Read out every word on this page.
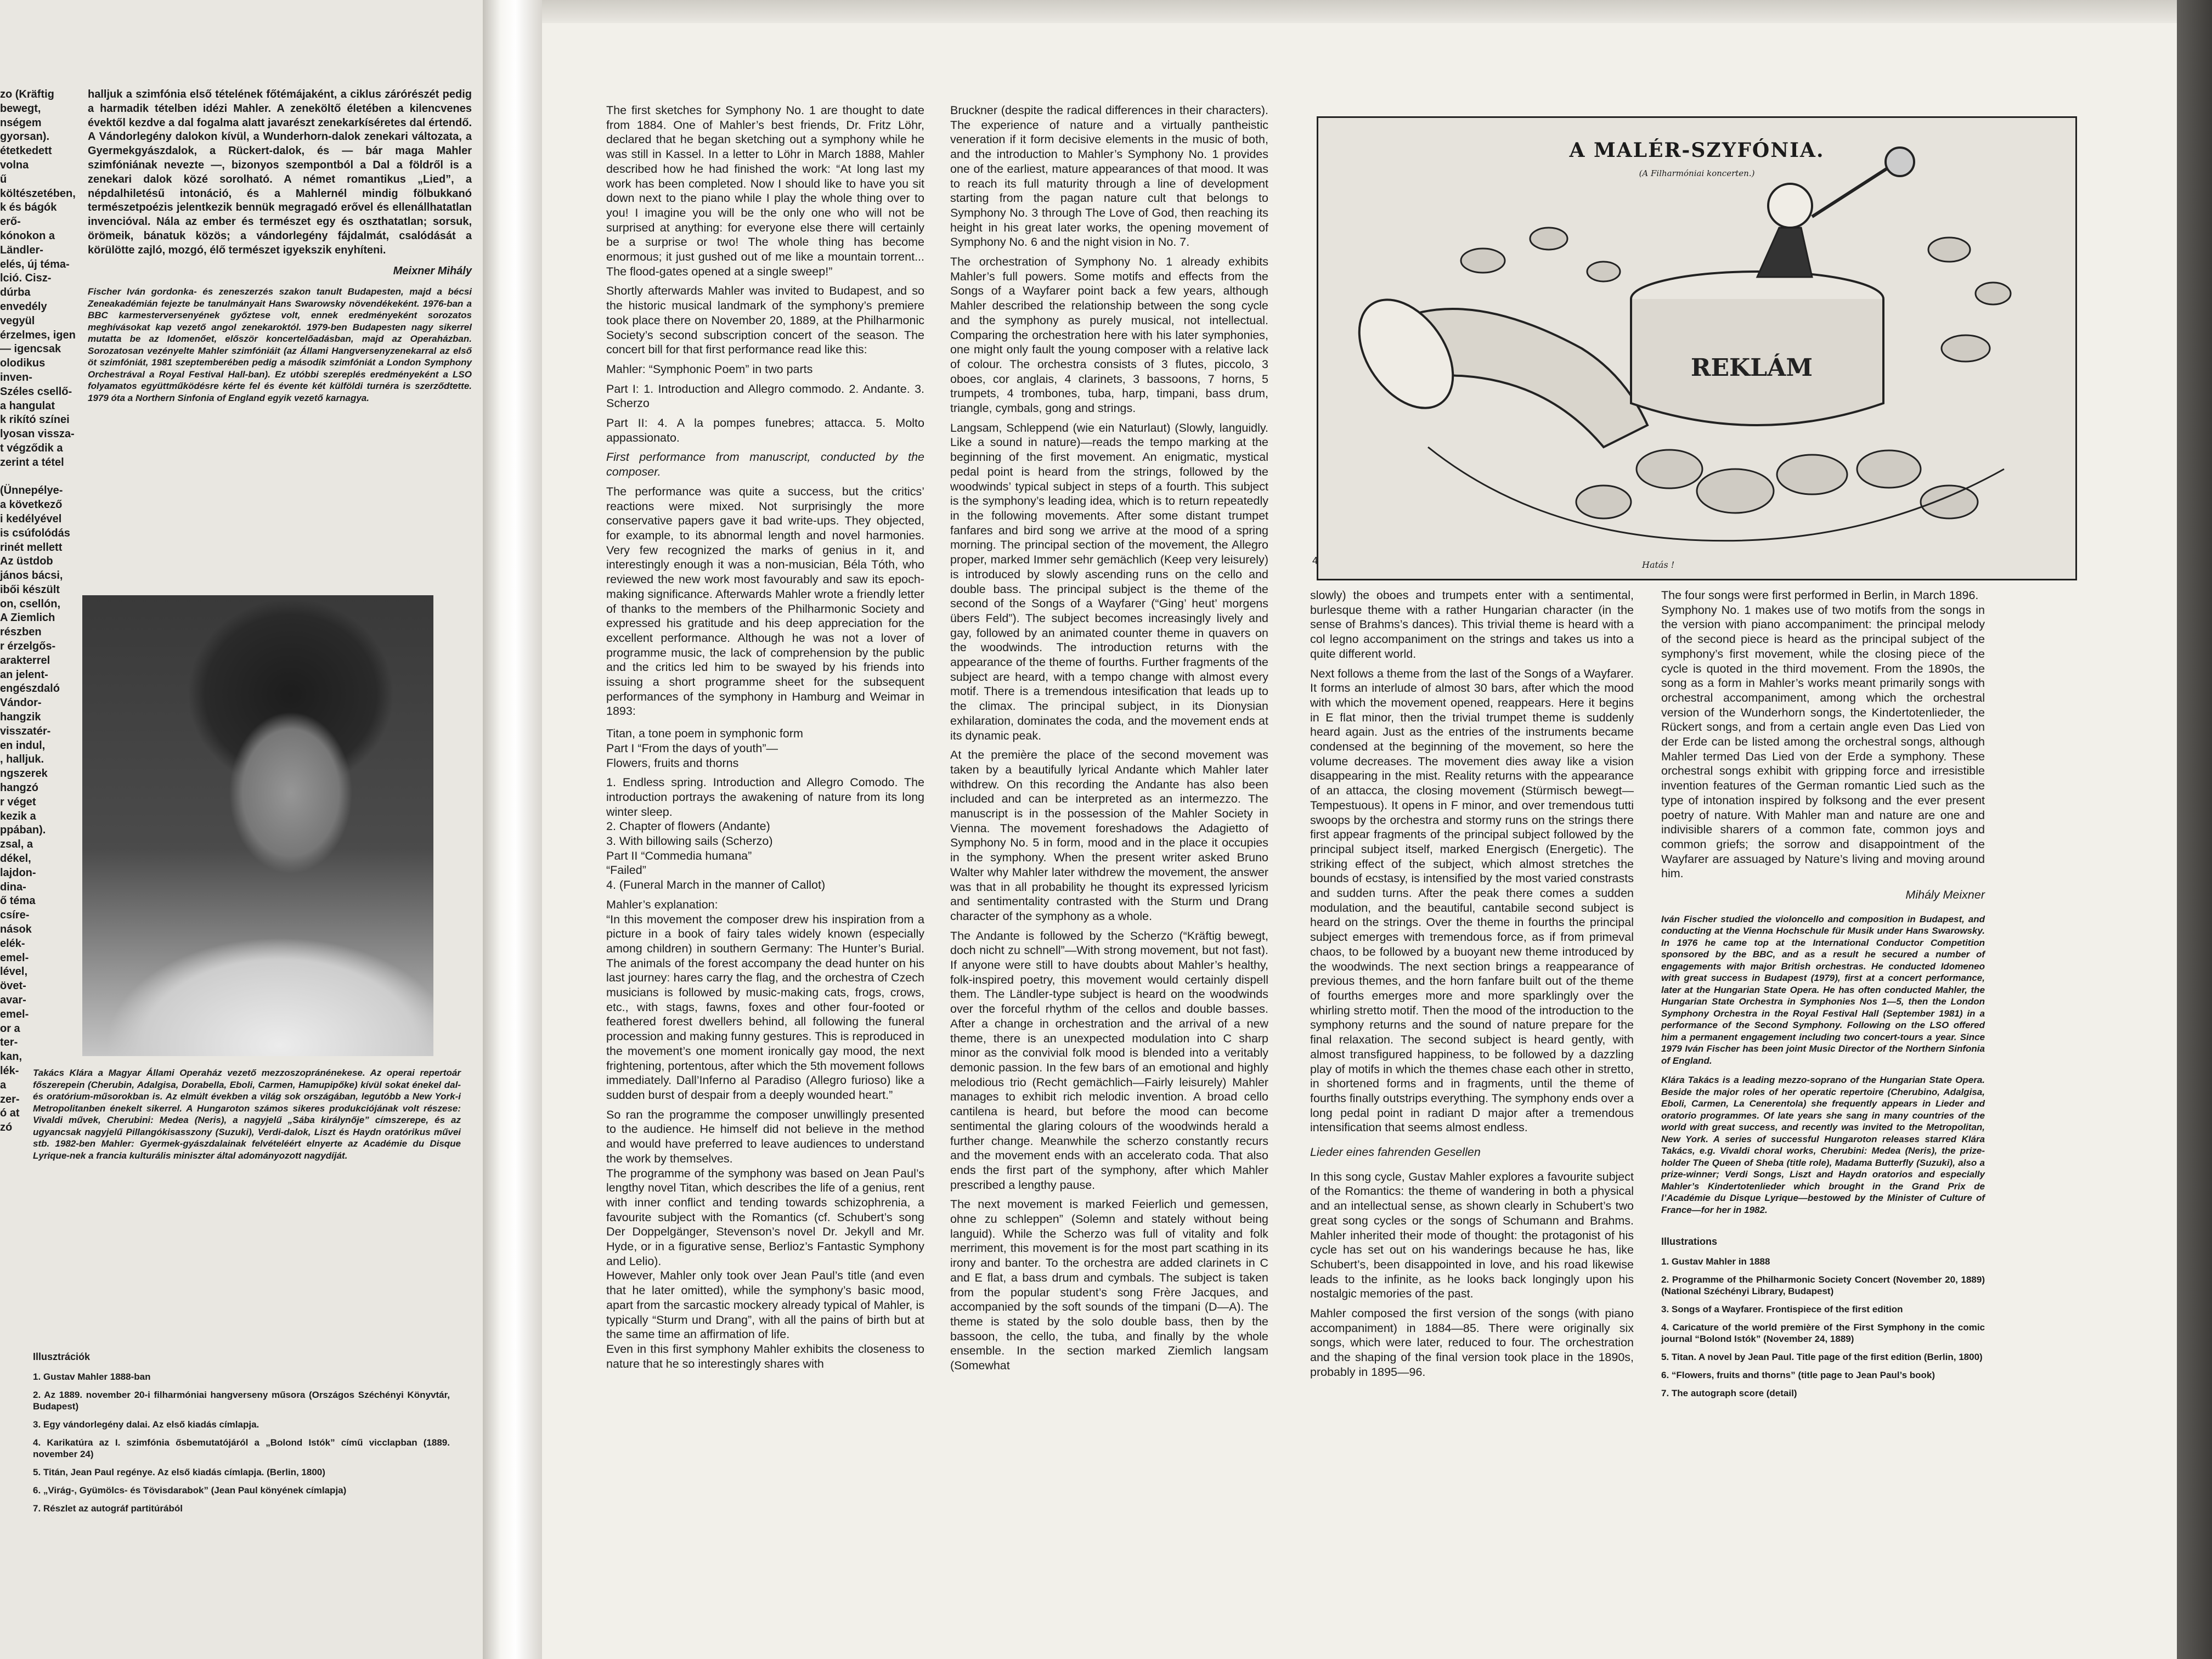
zo (Kräftig bewegt,
nségem gyorsan).
étetkedett volna
ű költészetében,
k és bágók erő-
kónokon a Ländler-
elés, új téma-
lció. Cisz-dúrba
envedély vegyül
érzelmes, igen
— igencsak
olodikus inven-
Széles csellő-
a hangulat
k rikító színei
lyosan vissza-
t végződik a
zerint a tétel

(Ünnepélye-
a következő
i kedélyével
is csúfolódás
rinét mellett
Az üstdob
jános bácsi,
ibői készült
on, csellón,
A Ziemlich
részben
r érzelgős-
arakterrel
an jelent-
engészdaló
Vándor-
hangzik
visszatér-
en indul,
, halljuk.
ngszerek
hangzó
r véget
kezik a
ppában).
zsal, a
dékel,
lajdon-
dina-
ő téma
csíre-
nások
elék-
emel-
lével,
övet-
avar-
emel-
or a
ter-
kan,
lék-
a
zer-
ó at
zó

halljuk a szimfónia első tételének főtémájaként, a ciklus zárórészét pedig a harmadik tételben idézi Mahler. A zeneköltő életében a kilencvenes évektől kezdve a dal fogalma alatt javarészt zenekarkíséretes dal értendő. A Vándorlegény dalokon kívül, a Wunderhorn-dalok zenekari változata, a Gyermekgyászdalok, a Rückert-dalok, és — bár maga Mahler szimfóniának nevezte —, bizonyos szempontból a Dal a földről is a zenekari dalok közé sorolható. A német romantikus „Lied”, a népdalhiletésű intonáció, és a Mahlernél mindig fölbukkanó természetpoézis jelentkezik bennük megragadó erővel és ellenállhatatlan invencióval. Nála az ember és természet egy és oszthatatlan; sorsuk, örömeik, bánatuk közös; a vándorlegény fájdalmát, csalódását a körülötte zajló, mozgó, élő természet igyekszik enyhíteni.

Meixner Mihály

Fischer Iván gordonka- és zeneszerzés szakon tanult Budapesten, majd a bécsi Zeneakadémián fejezte be tanulmányait Hans Swarowsky növendékeként. 1976-ban a BBC karmesterversenyének győztese volt, ennek eredményeként sorozatos meghívásokat kap vezető angol zenekaroktól. 1979-ben Budapesten nagy sikerrel mutatta be az Idomenőet, először koncertelőadásban, majd az Operaházban. Sorozatosan vezényelte Mahler szimfóniáit (az Állami Hangversenyzenekarral az első öt szimfóniát, 1981 szeptemberében pedig a második szimfóniát a London Symphony Orchestrával a Royal Festival Hall-ban). Ez utóbbi szereplés eredményeként a LSO folyamatos együttműködésre kérte fel és évente két külföldi turnéra is szerződtette. 1979 óta a Northern Sinfonia of England egyik vezető karnagya.

Takács Klára a Magyar Állami Operaház vezető mezzoszopránénekese. Az operai repertoár főszerepein (Cherubin, Adalgisa, Dorabella, Eboli, Carmen, Hamupipőke) kívül sokat énekel dal- és oratórium-műsorokban is. Az elmúlt években a világ sok országában, legutóbb a New York-i Metropolitanben énekelt sikerrel. A Hungaroton számos sikeres produkciójának volt részese: Vivaldi művek, Cherubini: Medea (Neris), a nagyjelű „Sába királynője” címszerepe, és az ugyancsak nagyjelű Pillangókisasszony (Suzuki), Verdi-dalok, Liszt és Haydn oratórikus művei stb. 1982-ben Mahler: Gyermek-gyászdalainak felvételéért elnyerte az Académie du Disque Lyrique-nek a francia kulturális miniszter által adományozott nagydíját.

Illusztrációk

1. Gustav Mahler 1888-ban
2. Az 1889. november 20-i filharmóniai hangverseny műsora (Országos Széchényi Könyvtár, Budapest)
3. Egy vándorlegény dalai. Az első kiadás címlapja.
4. Karikatúra az I. szimfónia ősbemutatójáról a „Bolond Istók” című vicclapban (1889. november 24)
5. Titán, Jean Paul regénye. Az első kiadás címlapja. (Berlin, 1800)
6. „Virág-, Gyümölcs- és Tövisdarabok” (Jean Paul könyének címlapja)
7. Részlet az autográf partitúrából

The first sketches for Symphony No. 1 are thought to date from 1884. One of Mahler’s best friends, Dr. Fritz Löhr, declared that he began sketching out a symphony while he was still in Kassel. In a letter to Löhr in March 1888, Mahler described how he had finished the work: “At long last my work has been completed. Now I should like to have you sit down next to the piano while I play the whole thing over to you! I imagine you will be the only one who will not be surprised at anything: for everyone else there will certainly be a surprise or two! The whole thing has become enormous; it just gushed out of me like a mountain torrent... The flood-gates opened at a single sweep!”

Shortly afterwards Mahler was invited to Budapest, and so the historic musical landmark of the symphony’s premiere took place there on November 20, 1889, at the Philharmonic Society’s second subscription concert of the season. The concert bill for that first performance read like this:

Mahler: “Symphonic Poem” in two parts

Part I: 1. Introduction and Allegro commodo. 2. Andante. 3. Scherzo

Part II: 4. A la pompes funebres; attacca. 5. Molto appassionato.

First performance from manuscript, conducted by the composer.

The performance was quite a success, but the critics’ reactions were mixed. Not surprisingly the more conservative papers gave it bad write-ups. They objected, for example, to its abnormal length and novel harmonies. Very few recognized the marks of genius in it, and interestingly enough it was a non-musician, Béla Tóth, who reviewed the new work most favourably and saw its epoch-making significance. Afterwards Mahler wrote a friendly letter of thanks to the members of the Philharmonic Society and expressed his gratitude and his deep appreciation for the excellent performance. Although he was not a lover of programme music, the lack of comprehension by the public and the critics led him to be swayed by his friends into issuing a short programme sheet for the subsequent performances of the symphony in Hamburg and Weimar in 1893:

Titan, a tone poem in symphonic form

Part I “From the days of youth”—

Flowers, fruits and thorns

1. Endless spring. Introduction and Allegro Comodo. The introduction portrays the awakening of nature from its long winter sleep.

2. Chapter of flowers (Andante)

3. With billowing sails (Scherzo)

Part II “Commedia humana”

“Failed”

4. (Funeral March in the manner of Callot)

Mahler’s explanation:

“In this movement the composer drew his inspiration from a picture in a book of fairy tales widely known (especially among children) in southern Germany: The Hunter’s Burial. The animals of the forest accompany the dead hunter on his last journey: hares carry the flag, and the orchestra of Czech musicians is followed by music-making cats, frogs, crows, etc., with stags, fawns, foxes and other four-footed or feathered forest dwellers behind, all following the funeral procession and making funny gestures. This is reproduced in the movement’s one moment ironically gay mood, the next frightening, portentous, after which the 5th movement follows immediately. Dall’Inferno al Paradiso (Allegro furioso) like a sudden burst of despair from a deeply wounded heart.”

So ran the programme the composer unwillingly presented to the audience. He himself did not believe in the method and would have preferred to leave audiences to understand the work by themselves.

The programme of the symphony was based on Jean Paul’s lengthy novel Titan, which describes the life of a genius, rent with inner conflict and tending towards schizophrenia, a favourite subject with the Romantics (cf. Schubert’s song Der Doppelgänger, Stevenson’s novel Dr. Jekyll and Mr. Hyde, or in a figurative sense, Berlioz’s Fantastic Symphony and Lelio).

However, Mahler only took over Jean Paul’s title (and even that he later omitted), while the symphony’s basic mood, apart from the sarcastic mockery already typical of Mahler, is typically “Sturm und Drang”, with all the pains of birth but at the same time an affirmation of life.

Even in this first symphony Mahler exhibits the closeness to nature that he so interestingly shares with

Bruckner (despite the radical differences in their characters). The experience of nature and a virtually pantheistic veneration if it form decisive elements in the music of both, and the introduction to Mahler’s Symphony No. 1 provides one of the earliest, mature appearances of that mood. It was to reach its full maturity through a line of development starting from the pagan nature cult that belongs to Symphony No. 3 through The Love of God, then reaching its height in his great later works, the opening movement of Symphony No. 6 and the night vision in No. 7.

The orchestration of Symphony No. 1 already exhibits Mahler’s full powers. Some motifs and effects from the Songs of a Wayfarer point back a few years, although Mahler described the relationship between the song cycle and the symphony as purely musical, not intellectual. Comparing the orchestration here with his later symphonies, one might only fault the young composer with a relative lack of colour. The orchestra consists of 3 flutes, piccolo, 3 oboes, cor anglais, 4 clarinets, 3 bassoons, 7 horns, 5 trumpets, 4 trombones, tuba, harp, timpani, bass drum, triangle, cymbals, gong and strings.

Langsam, Schleppend (wie ein Naturlaut) (Slowly, languidly. Like a sound in nature)—reads the tempo marking at the beginning of the first movement. An enigmatic, mystical pedal point is heard from the strings, followed by the woodwinds’ typical subject in steps of a fourth. This subject is the symphony’s leading idea, which is to return repeatedly in the following movements. After some distant trumpet fanfares and bird song we arrive at the mood of a spring morning. The principal section of the movement, the Allegro proper, marked Immer sehr gemächlich (Keep very leisurely) is introduced by slowly ascending runs on the cello and double bass. The principal subject is the theme of the second of the Songs of a Wayfarer (“Ging’ heut’ morgens übers Feld”). The subject becomes increasingly lively and gay, followed by an animated counter theme in quavers on the woodwinds. The introduction returns with the appearance of the theme of fourths. Further fragments of the subject are heard, with a tempo change with almost every motif. There is a tremendous intesification that leads up to the climax. The principal subject, in its Dionysian exhilaration, dominates the coda, and the movement ends at its dynamic peak.

At the première the place of the second movement was taken by a beautifully lyrical Andante which Mahler later withdrew. On this recording the Andante has also been included and can be interpreted as an intermezzo. The manuscript is in the possession of the Mahler Society in Vienna. The movement foreshadows the Adagietto of Symphony No. 5 in form, mood and in the place it occupies in the symphony. When the present writer asked Bruno Walter why Mahler later withdrew the movement, the answer was that in all probability he thought its expressed lyricism and sentimentality contrasted with the Sturm und Drang character of the symphony as a whole.

The Andante is followed by the Scherzo (“Kräftig bewegt, doch nicht zu schnell”—With strong movement, but not fast). If anyone were still to have doubts about Mahler’s healthy, folk-inspired poetry, this movement would certainly dispell them. The Ländler-type subject is heard on the woodwinds over the forceful rhythm of the cellos and double basses. After a change in orchestration and the arrival of a new theme, there is an unexpected modulation into C sharp minor as the convivial folk mood is blended into a veritably demonic passion. In the few bars of an emotional and highly melodious trio (Recht gemächlich—Fairly leisurely) Mahler manages to exhibit rich melodic invention. A broad cello cantilena is heard, but before the mood can become sentimental the glaring colours of the woodwinds herald a further change. Meanwhile the scherzo constantly recurs and the movement ends with an accelerato coda. That also ends the first part of the symphony, after which Mahler prescribed a lengthy pause.

The next movement is marked Feierlich und gemessen, ohne zu schleppen” (Solemn and stately without being languid). While the Scherzo was full of vitality and folk merriment, this movement is for the most part scathing in its irony and banter. To the orchestra are added clarinets in C and E flat, a bass drum and cymbals. The subject is taken from the popular student’s song Frère Jacques, and accompanied by the soft sounds of the timpani (D—A). The theme is stated by the solo double bass, then by the bassoon, the cello, the tuba, and finally by the whole ensemble. In the section marked Ziemlich langsam (Somewhat

A MALÉR-SZYFÓNIA.
(A Filharmóniai koncerten.)
REKLÁM
Hatás !
4

slowly) the oboes and trumpets enter with a sentimental, burlesque theme with a rather Hungarian character (in the sense of Brahms’s dances). This trivial theme is heard with a col legno accompaniment on the strings and takes us into a quite different world.

Next follows a theme from the last of the Songs of a Wayfarer. It forms an interlude of almost 30 bars, after which the mood with which the movement opened, reappears. Here it begins in E flat minor, then the trivial trumpet theme is suddenly heard again. Just as the entries of the instruments became condensed at the beginning of the movement, so here the volume decreases. The movement dies away like a vision disappearing in the mist. Reality returns with the appearance of an attacca, the closing movement (Stürmisch bewegt—Tempestuous). It opens in F minor, and over tremendous tutti swoops by the orchestra and stormy runs on the strings there first appear fragments of the principal subject followed by the principal subject itself, marked Energisch (Energetic). The striking effect of the subject, which almost stretches the bounds of ecstasy, is intensified by the most varied constrasts and sudden turns. After the peak there comes a sudden modulation, and the beautiful, cantabile second subject is heard on the strings. Over the theme in fourths the principal subject emerges with tremendous force, as if from primeval chaos, to be followed by a buoyant new theme introduced by the woodwinds. The next section brings a reappearance of previous themes, and the horn fanfare built out of the theme of fourths emerges more and more sparklingly over the whirling stretto motif. Then the mood of the introduction to the symphony returns and the sound of nature prepare for the final relaxation. The second subject is heard gently, with almost transfigured happiness, to be followed by a dazzling play of motifs in which the themes chase each other in stretto, in shortened forms and in fragments, until the theme of fourths finally outstrips everything. The symphony ends over a long pedal point in radiant D major after a tremendous intensification that seems almost endless.

Lieder eines fahrenden Gesellen

In this song cycle, Gustav Mahler explores a favourite subject of the Romantics: the theme of wandering in both a physical and an intellectual sense, as shown clearly in Schubert’s two great song cycles or the songs of Schumann and Brahms. Mahler inherited their mode of thought: the protagonist of his cycle has set out on his wanderings because he has, like Schubert’s, been disappointed in love, and his road likewise leads to the infinite, as he looks back longingly upon his nostalgic memories of the past.

Mahler composed the first version of the songs (with piano accompaniment) in 1884—85. There were originally six songs, which were later, reduced to four. The orchestration and the shaping of the final version took place in the 1890s, probably in 1895—96.

The four songs were first performed in Berlin, in March 1896.

Symphony No. 1 makes use of two motifs from the songs in the version with piano accompaniment: the principal melody of the second piece is heard as the principal subject of the symphony’s first movement, while the closing piece of the cycle is quoted in the third movement. From the 1890s, the song as a form in Mahler’s works meant primarily songs with orchestral accompaniment, among which the orchestral version of the Wunderhorn songs, the Kindertotenlieder, the Rückert songs, and from a certain angle even Das Lied von der Erde can be listed among the orchestral songs, although Mahler termed Das Lied von der Erde a symphony. These orchestral songs exhibit with gripping force and irresistible invention features of the German romantic Lied such as the type of intonation inspired by folksong and the ever present poetry of nature. With Mahler man and nature are one and indivisible sharers of a common fate, common joys and common griefs; the sorrow and disappointment of the Wayfarer are assuaged by Nature’s living and moving around him.

Mihály Meixner

Iván Fischer studied the violoncello and composition in Budapest, and conducting at the Vienna Hochschule für Musik under Hans Swarowsky. In 1976 he came top at the International Conductor Competition sponsored by the BBC, and as a result he secured a number of engagements with major British orchestras. He conducted Idomeneo with great success in Budapest (1979), first at a concert performance, later at the Hungarian State Opera. He has often conducted Mahler, the Hungarian State Orchestra in Symphonies Nos 1—5, then the London Symphony Orchestra in the Royal Festival Hall (September 1981) in a performance of the Second Symphony. Following on the LSO offered him a permanent engagement including two concert-tours a year. Since 1979 Iván Fischer has been joint Music Director of the Northern Sinfonia of England.

Klára Takács is a leading mezzo-soprano of the Hungarian State Opera. Beside the major roles of her operatic repertoire (Cherubino, Adalgisa, Eboli, Carmen, La Cenerentola) she frequently appears in Lieder and oratorio programmes. Of late years she sang in many countries of the world with great success, and recently was invited to the Metropolitan, New York. A series of successful Hungaroton releases starred Klára Takács, e.g. Vivaldi choral works, Cherubini: Medea (Neris), the prize-holder The Queen of Sheba (title role), Madama Butterfly (Suzuki), also a prize-winner; Verdi Songs, Liszt and Haydn oratorios and especially Mahler’s Kindertotenlieder which brought in the Grand Prix de l’Académie du Disque Lyrique—bestowed by the Minister of Culture of France—for her in 1982.

Illustrations

1. Gustav Mahler in 1888
2. Programme of the Philharmonic Society Concert (November 20, 1889) (National Széchényi Library, Budapest)
3. Songs of a Wayfarer. Frontispiece of the first edition
4. Caricature of the world première of the First Symphony in the comic journal “Bolond Istók” (November 24, 1889)
5. Titan. A novel by Jean Paul. Title page of the first edition (Berlin, 1800)
6. “Flowers, fruits and thorns” (title page to Jean Paul’s book)
7. The autograph score (detail)
